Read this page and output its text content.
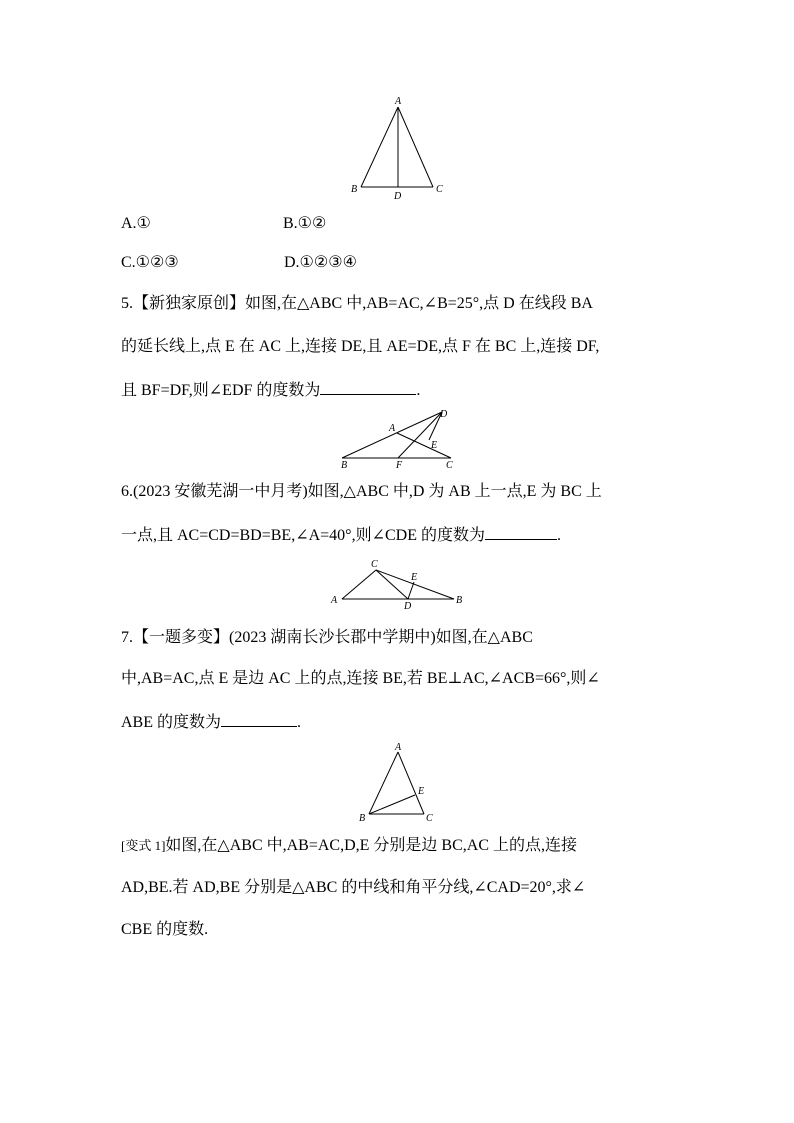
A
B	C
D
A
B	C
D
E
F
A	B
C
D
E
A
B	C
E
A.①	B.①②
C.①②③	D.①②③④
5.【新独家原创】如图,在△ABC 中,AB=AC,∠B=25°,点 D 在线段 BA
的延长线上,点 E 在 AC 上,连接 DE,且 AE=DE,点 F 在 BC 上,连接 DF,
且 BF=DF,则∠EDF 的度数为	.
6.(2023 安徽芜湖一中月考)如图,△ABC 中,D 为 AB 上一点,E 为 BC 上
一点,且 AC=CD=BD=BE,∠A=40°,则∠CDE 的度数为	.
7.【一题多变】(2023 湖南长沙长郡中学期中)如图,在△ABC
中,AB=AC,点 E 是边 AC 上的点,连接 BE,若 BE⊥AC,∠ACB=66°,则∠
ABE 的度数为	.
[变式 1]如图,在△ABC 中,AB=AC,D,E 分别是边 BC,AC 上的点,连接
AD,BE.若 AD,BE 分别是△ABC 的中线和角平分线,∠CAD=20°,求∠
CBE 的度数.
